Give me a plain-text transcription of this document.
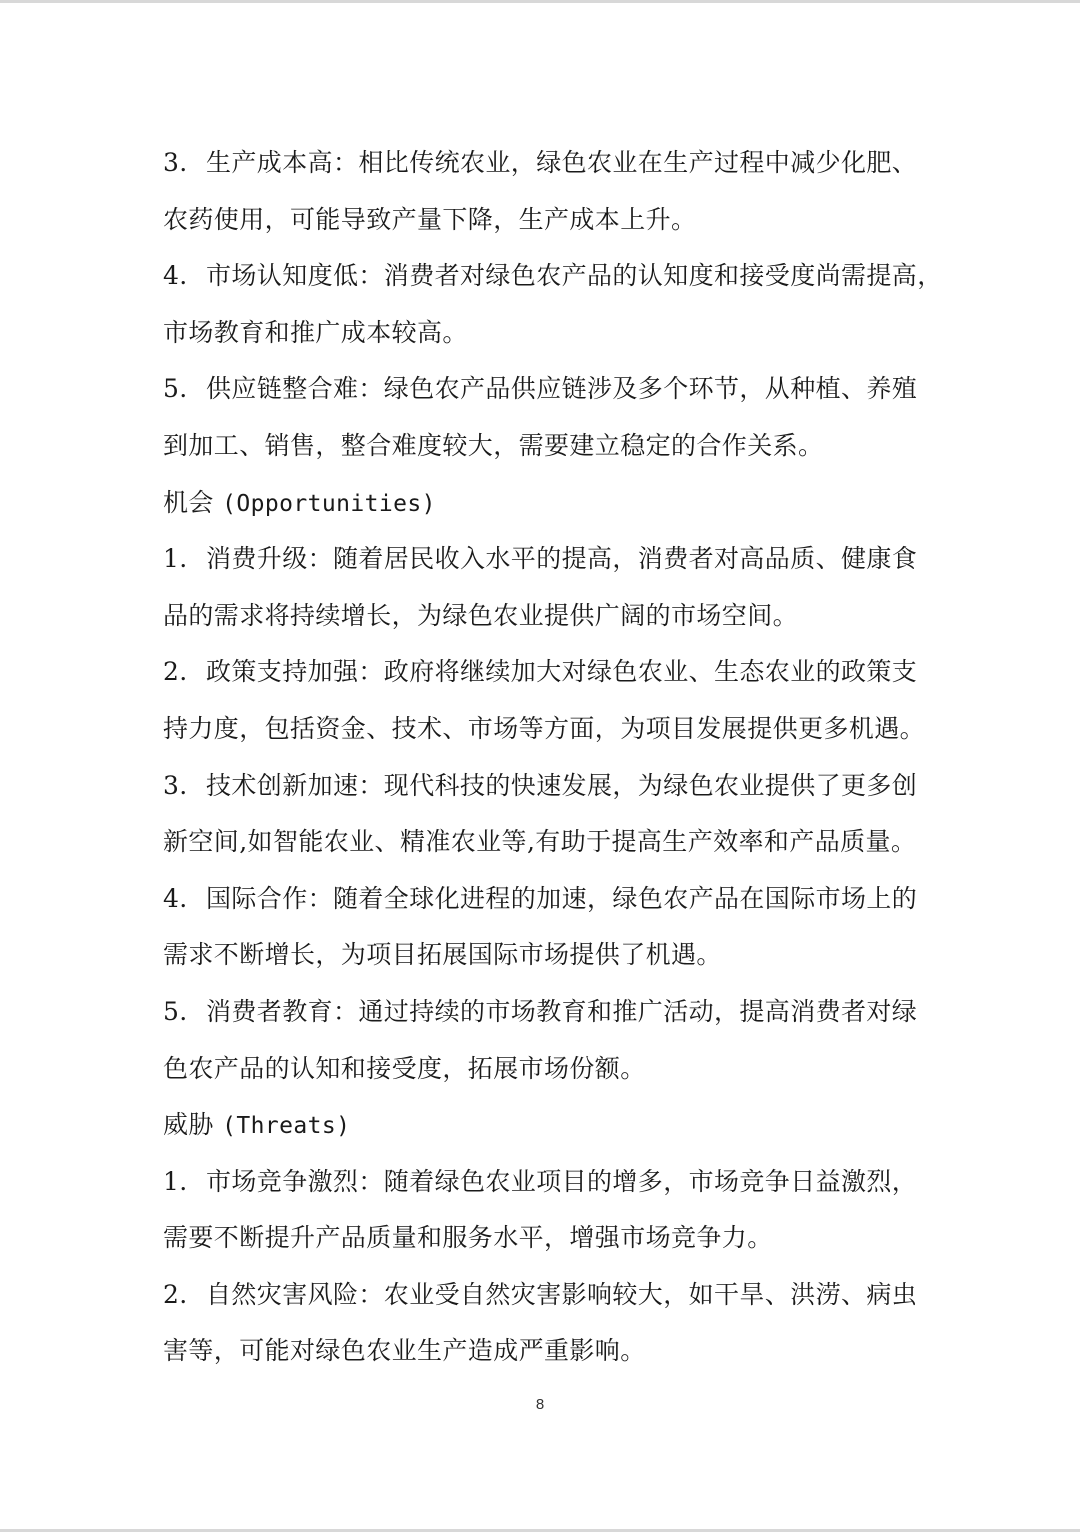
3. 生产成本高：相比传统农业，绿色农业在生产过程中减少化肥、
农药使用，可能导致产量下降，生产成本上升。
4. 市场认知度低：消费者对绿色农产品的认知度和接受度尚需提高，
市场教育和推广成本较高。
5. 供应链整合难：绿色农产品供应链涉及多个环节，从种植、养殖
到加工、销售，整合难度较大，需要建立稳定的合作关系。
机会 (Opportunities)
1. 消费升级：随着居民收入水平的提高，消费者对高品质、健康食
品的需求将持续增长，为绿色农业提供广阔的市场空间。
2. 政策支持加强：政府将继续加大对绿色农业、生态农业的政策支
持力度，包括资金、技术、市场等方面，为项目发展提供更多机遇。
3. 技术创新加速：现代科技的快速发展，为绿色农业提供了更多创
新空间,如智能农业、精准农业等,有助于提高生产效率和产品质量。
4. 国际合作：随着全球化进程的加速，绿色农产品在国际市场上的
需求不断增长，为项目拓展国际市场提供了机遇。
5. 消费者教育：通过持续的市场教育和推广活动，提高消费者对绿
色农产品的认知和接受度，拓展市场份额。
威胁 (Threats)
1. 市场竞争激烈：随着绿色农业项目的增多，市场竞争日益激烈，
需要不断提升产品质量和服务水平，增强市场竞争力。
2. 自然灾害风险：农业受自然灾害影响较大，如干旱、洪涝、病虫
害等，可能对绿色农业生产造成严重影响。
8
